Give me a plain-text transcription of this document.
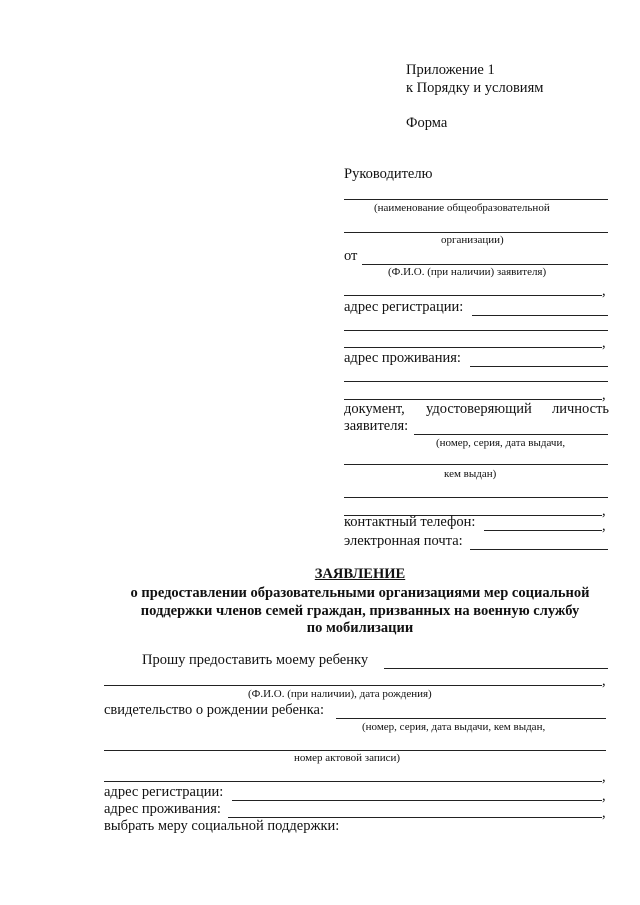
Приложение 1
к Порядку и условиям
Форма
Руководителю
(наименование общеобразовательной
организации)
от
(Ф.И.О. (при наличии) заявителя)
,
адрес регистрации:
,
адрес проживания:
,
документ, удостоверяющий личность
заявителя:
(номер, серия, дата выдачи,
кем выдан)
,
контактный телефон:	,
электронная почта:
ЗАЯВЛЕНИЕ
о предоставлении образовательными организациями мер социальной
поддержки членов семей граждан, призванных на военную службу
по мобилизации
Прошу предоставить моему ребенку
,
(Ф.И.О. (при наличии), дата рождения)
свидетельство о рождении ребенка:
(номер, серия, дата выдачи, кем выдан,
номер актовой записи)
,
адрес регистрации:	,
адрес проживания:	,
выбрать меру социальной поддержки:
